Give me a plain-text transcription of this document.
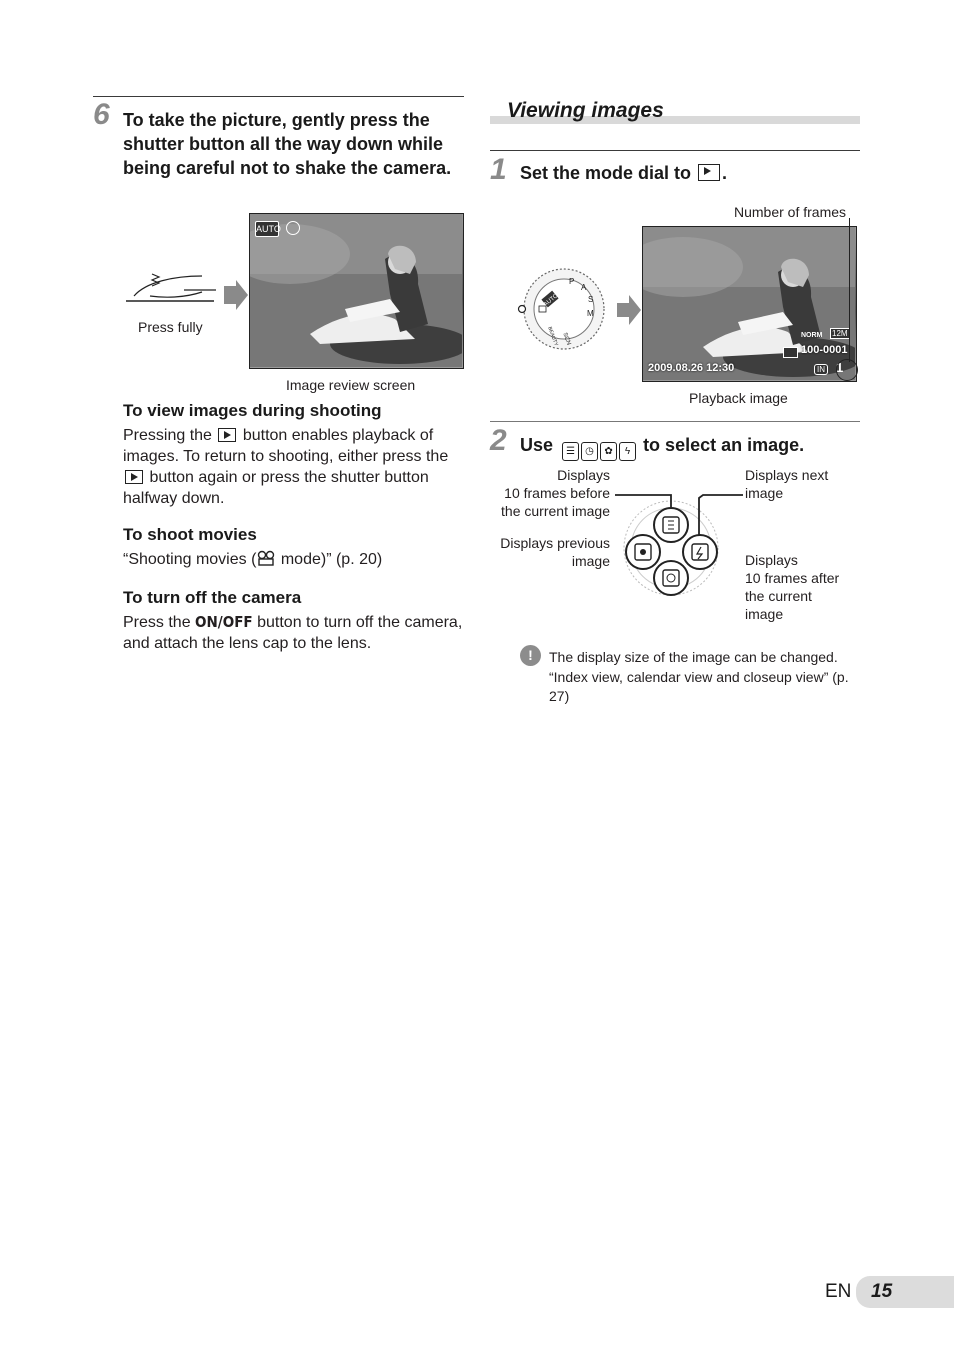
6 To take the picture, gently press the shutter button all the way down while being careful not to shake the camera.
Press fully
AUTO
Image review screen
To view images during shooting
Pressing the button enables playback of images. To return to shooting, either press the  button again or press the shutter button halfway down.
To shoot movies
“Shooting movies ( mode)” (p. 20)
To turn off the camera
Press the ON/OFF button to turn off the camera, and attach the lens cap to the lens.
Viewing images
1 Set the mode dial to .
AUTO
P
A
S
M
SCN
BEAUTY
Number of frames
NORM 12M
100-0001
2009.08.26 12:30	IN 1
Playback image
2 Use ☰ ◷ ✿ ϟ to select an image.
Displays
10 frames before
the current image
Displays next
image
Displays previous
image	Displays
10 frames after
the current
image
!	The display size of the image can be changed. “Index view, calendar view and closeup view” (p. 27)
EN 15
